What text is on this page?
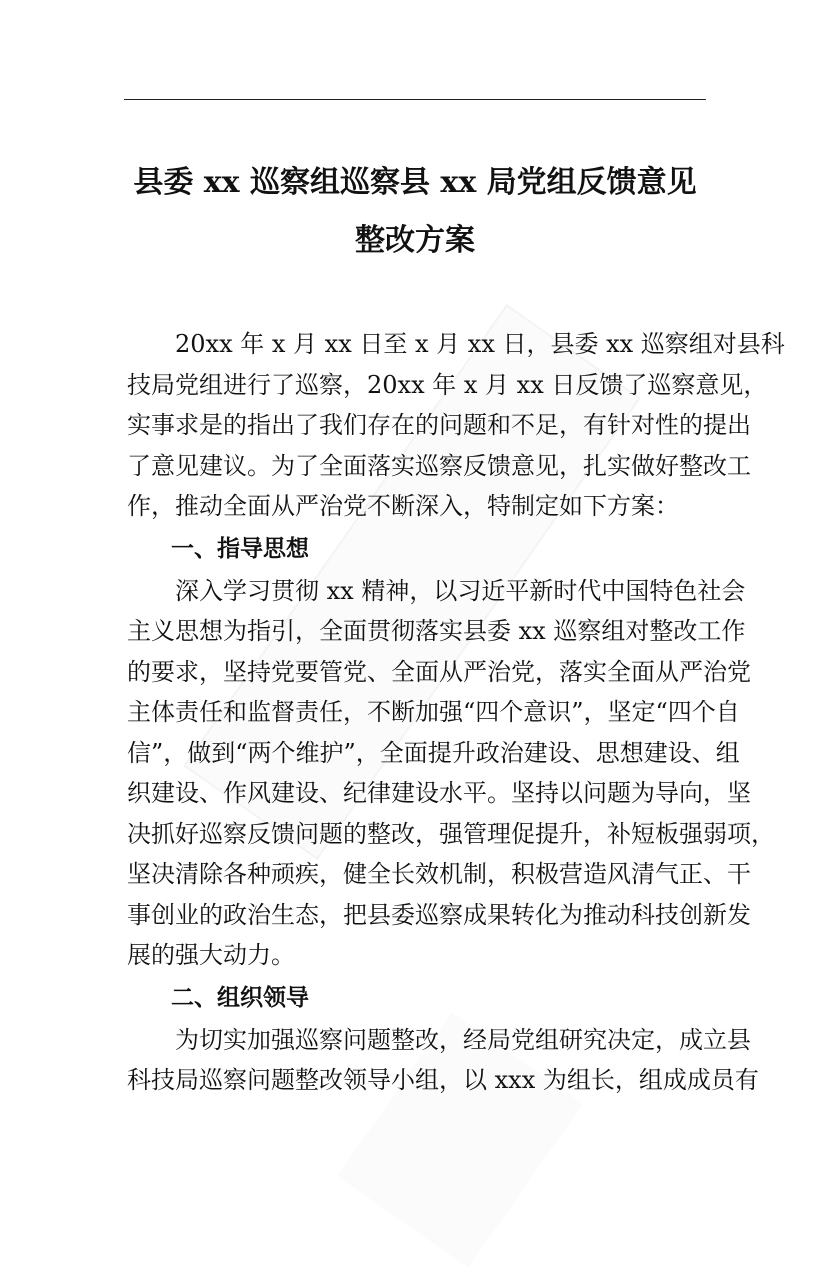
县委 xx 巡察组巡察县 xx 局党组反馈意见
整改方案
20xx 年 x 月 xx 日至 x 月 xx 日，县委 xx 巡察组对县科
技局党组进行了巡察，20xx 年 x 月 xx 日反馈了巡察意见，
实事求是的指出了我们存在的问题和不足，有针对性的提出
了意见建议。为了全面落实巡察反馈意见，扎实做好整改工
作，推动全面从严治党不断深入，特制定如下方案：
一、指导思想
深入学习贯彻 xx 精神，以习近平新时代中国特色社会
主义思想为指引，全面贯彻落实县委 xx 巡察组对整改工作
的要求，坚持党要管党、全面从严治党，落实全面从严治党
主体责任和监督责任，不断加强“四个意识”，坚定“四个自
信”，做到“两个维护”，全面提升政治建设、思想建设、组
织建设、作风建设、纪律建设水平。坚持以问题为导向，坚
决抓好巡察反馈问题的整改，强管理促提升，补短板强弱项，
坚决清除各种顽疾，健全长效机制，积极营造风清气正、干
事创业的政治生态，把县委巡察成果转化为推动科技创新发
展的强大动力。
二、组织领导
为切实加强巡察问题整改，经局党组研究决定，成立县
科技局巡察问题整改领导小组，以 xxx 为组长，组成成员有
